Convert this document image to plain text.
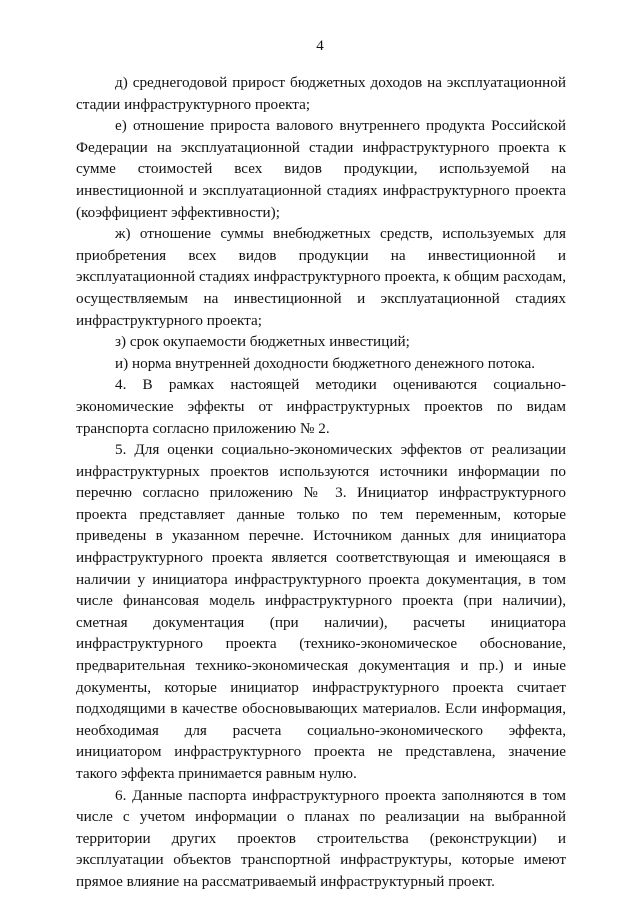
4

д) среднегодовой прирост бюджетных доходов на эксплуатационной стадии инфраструктурного проекта;

е) отношение прироста валового внутреннего продукта Российской Федерации на эксплуатационной стадии инфраструктурного проекта к сумме стоимостей всех видов продукции, используемой на инвестиционной и эксплуатационной стадиях инфраструктурного проекта (коэффициент эффективности);

ж) отношение суммы внебюджетных средств, используемых для приобретения всех видов продукции на инвестиционной и эксплуатационной стадиях инфраструктурного проекта, к общим расходам, осуществляемым на инвестиционной и эксплуатационной стадиях инфраструктурного проекта;

з) срок окупаемости бюджетных инвестиций;

и) норма внутренней доходности бюджетного денежного потока.

4. В рамках настоящей методики оцениваются социально-экономические эффекты от инфраструктурных проектов по видам транспорта согласно приложению № 2.

5. Для оценки социально-экономических эффектов от реализации инфраструктурных проектов используются источники информации по перечню согласно приложению № 3. Инициатор инфраструктурного проекта представляет данные только по тем переменным, которые приведены в указанном перечне. Источником данных для инициатора инфраструктурного проекта является соответствующая и имеющаяся в наличии у инициатора инфраструктурного проекта документация, в том числе финансовая модель инфраструктурного проекта (при наличии), сметная документация (при наличии), расчеты инициатора инфраструктурного проекта (технико-экономическое обоснование, предварительная технико-экономическая документация и пр.) и иные документы, которые инициатор инфраструктурного проекта считает подходящими в качестве обосновывающих материалов. Если информация, необходимая для расчета социально-экономического эффекта, инициатором инфраструктурного проекта не представлена, значение такого эффекта принимается равным нулю.

6. Данные паспорта инфраструктурного проекта заполняются в том числе с учетом информации о планах по реализации на выбранной территории других проектов строительства (реконструкции) и эксплуатации объектов транспортной инфраструктуры, которые имеют прямое влияние на рассматриваемый инфраструктурный проект.
